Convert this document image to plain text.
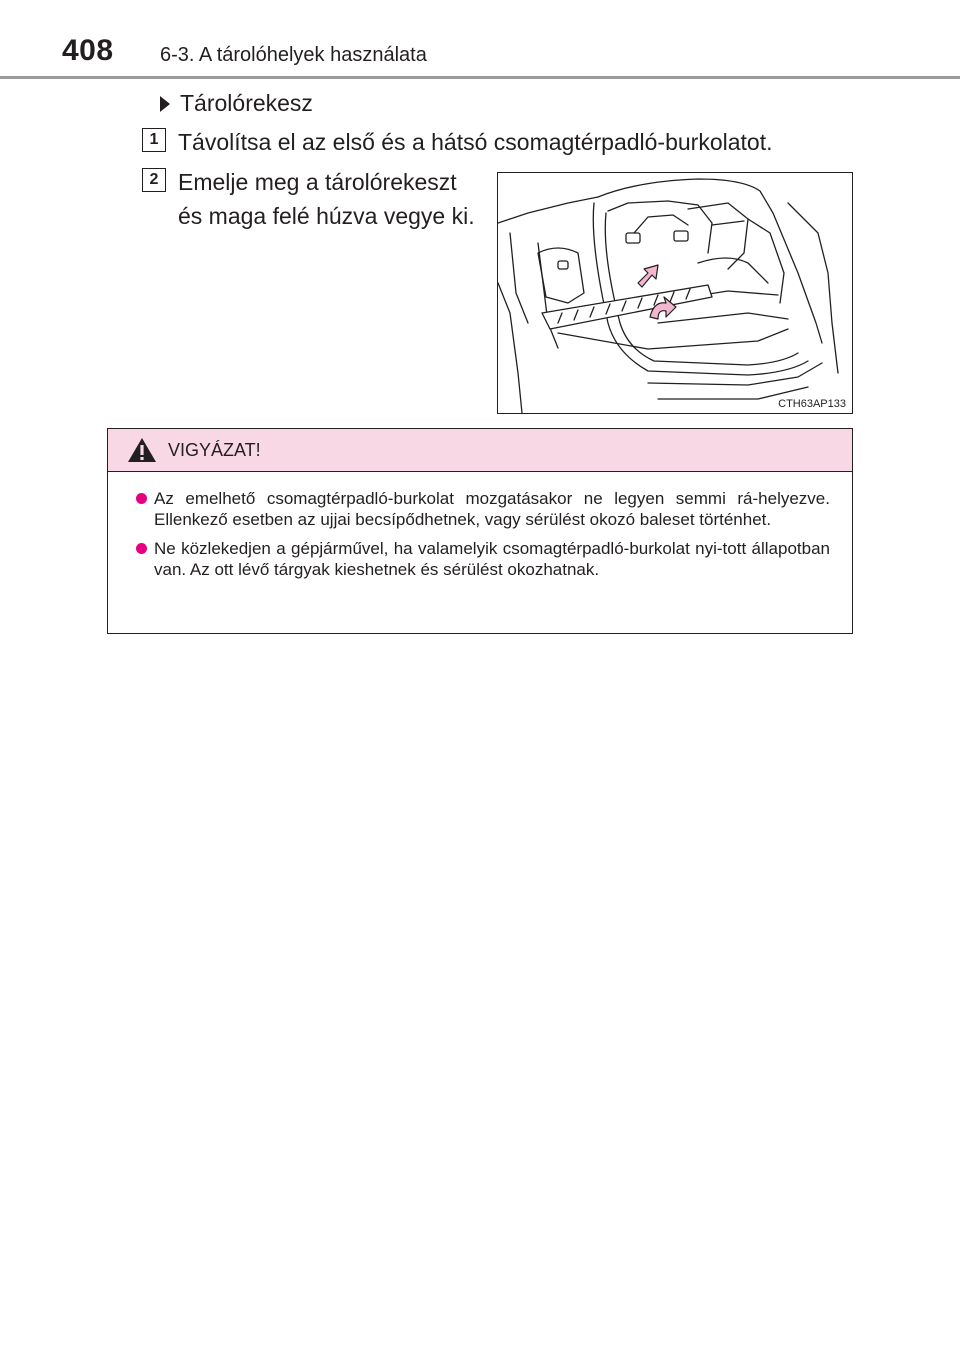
408 6-3. A tárolóhelyek használata
Tárolórekesz
1 Távolítsa el az első és a hátsó csomagtérpadló-burkolatot.
2 Emelje meg a tárolórekeszt
és maga felé húzva vegye ki.
CTH63AP133
VIGYÁZAT!
Az emelhető csomagtérpadló-burkolat mozgatásakor ne legyen semmi rá-helyezve. Ellenkező esetben az ujjai becsípődhetnek, vagy sérülést okozó baleset történhet.
Ne közlekedjen a gépjárművel, ha valamelyik csomagtérpadló-burkolat nyi-tott állapotban van. Az ott lévő tárgyak kieshetnek és sérülést okozhatnak.
